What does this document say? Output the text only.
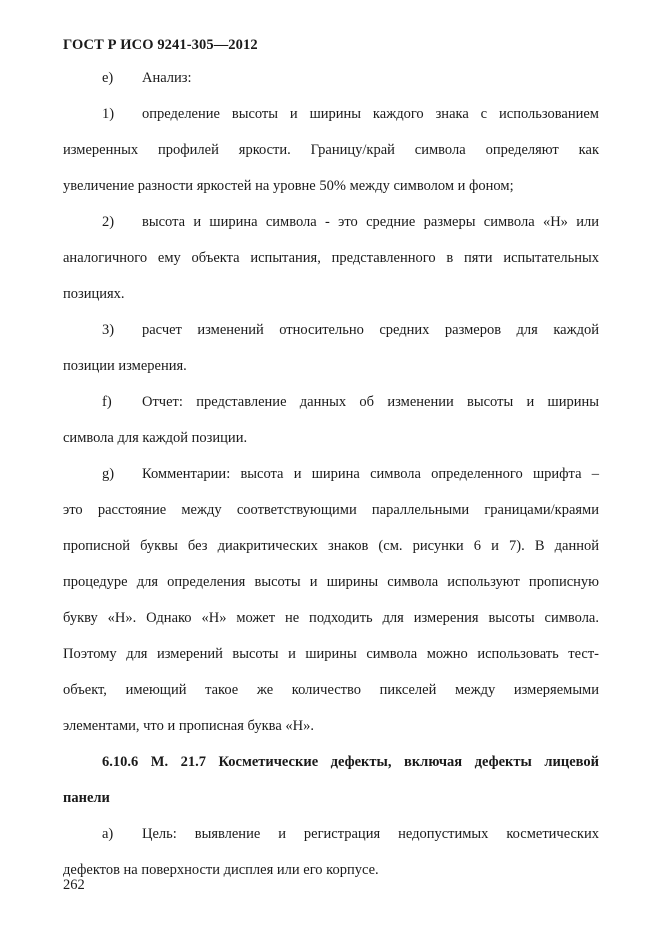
ГОСТ Р ИСО 9241-305—2012
e) Анализ:
1) определение высоты и ширины каждого знака с использованием
измеренных профилей яркости. Границу/край символа определяют как
увеличение разности яркостей на уровне 50% между символом и фоном;
2) высота и ширина символа - это средние размеры символа «Н» или
аналогичного ему объекта испытания, представленного в пяти испытательных
позициях.
3) расчет изменений относительно средних размеров для каждой
позиции измерения.
f) Отчет: представление данных об изменении высоты и ширины
символа для каждой позиции.
g) Комментарии: высота и ширина символа определенного шрифта –
это расстояние между соответствующими параллельными границами/краями
прописной буквы без диакритических знаков (см. рисунки 6 и 7). В данной
процедуре для определения высоты и ширины символа используют прописную
букву «Н». Однако «Н» может не подходить для измерения высоты символа.
Поэтому для измерений высоты и ширины символа можно использовать тест-
объект, имеющий такое же количество пикселей между измеряемыми
элементами, что и прописная буква «Н».
6.10.6 М. 21.7 Косметические дефекты, включая дефекты лицевой
панели
a) Цель: выявление и регистрация недопустимых косметических
дефектов на поверхности дисплея или его корпусе.
262
